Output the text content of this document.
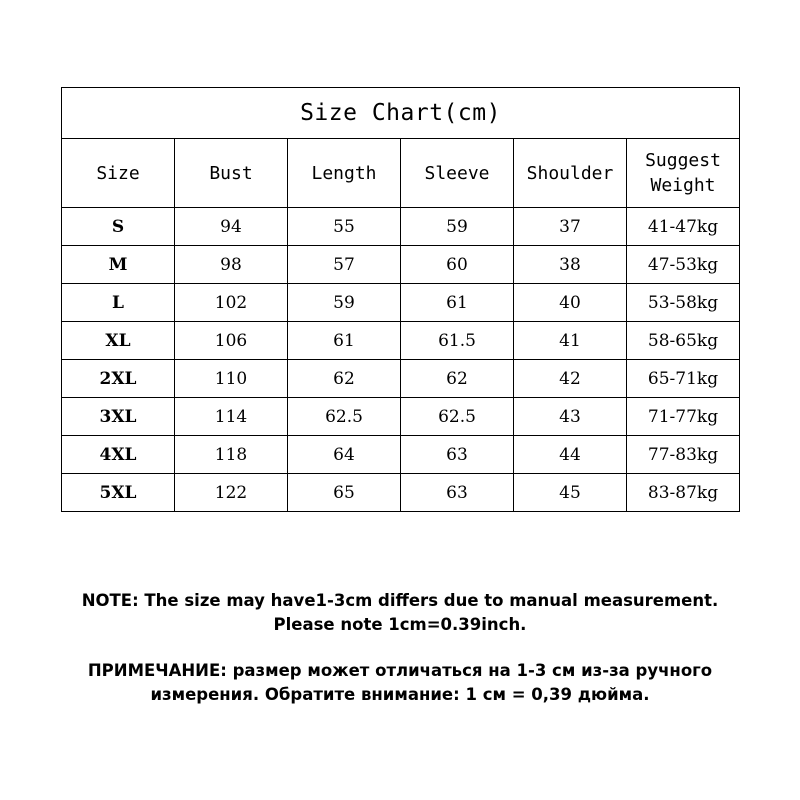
Size Chart(cm)					
Size	Bust	Length	Sleeve	Shoulder	Suggest
Weight

S	94	55	59	37	41-47kg
M	98	57	60	38	47-53kg
L	102	59	61	40	53-58kg
XL	106	61	61.5	41	58-65kg
2XL	110	62	62	42	65-71kg
3XL	114	62.5	62.5	43	71-77kg
4XL	118	64	63	44	77-83kg
5XL	122	65	63	45	83-87kg
NOTE: The size may have1-3cm differs due to manual measurement.
Please note 1cm=0.39inch.
ПРИМЕЧАНИЕ: размер может отличаться на 1-3 см из-за ручного
измерения. Обратите внимание: 1 см = 0,39 дюйма.
